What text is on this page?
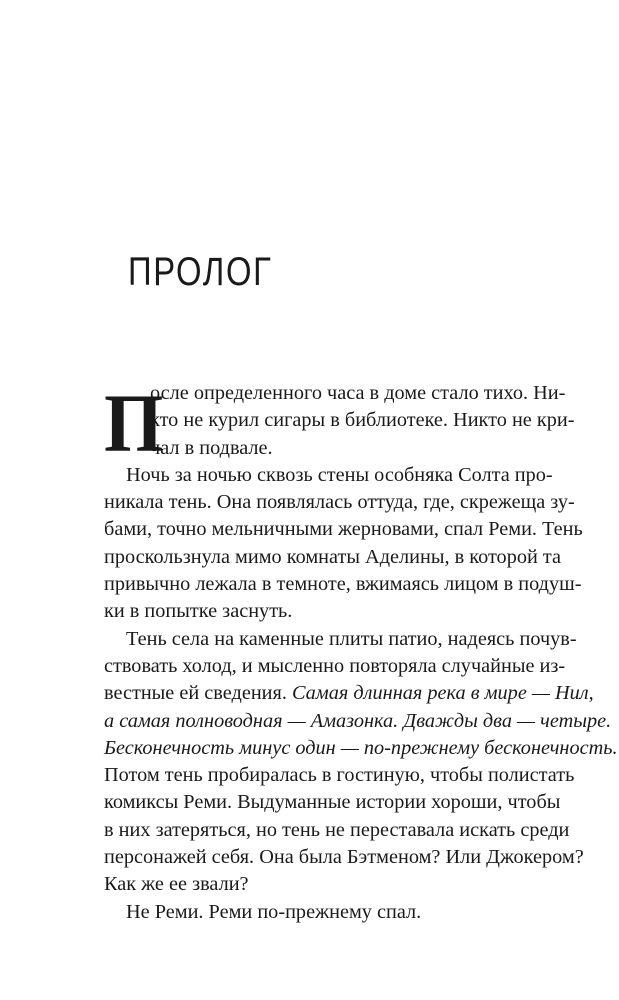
ПРОЛОГ
П
осле определенного часа в доме стало тихо. Ни-
кто не курил сигары в библиотеке. Никто не кри-
чал в подвале.
Ночь за ночью сквозь стены особняка Солта про-
никала тень. Она появлялась оттуда, где, скрежеща зу-
бами, точно мельничными жерновами, спал Реми. Тень
проскользнула мимо комнаты Аделины, в которой та
привычно лежала в темноте, вжимаясь лицом в подуш-
ки в попытке заснуть.
Тень села на каменные плиты патио, надеясь почув-
ствовать холод, и мысленно повторяла случайные из-
вестные ей сведения. Самая длинная река в мире — Нил,
а самая полноводная — Амазонка. Дважды два — четыре.
Бесконечность минус один — по-прежнему бесконечность.
Потом тень пробиралась в гостиную, чтобы полистать
комиксы Реми. Выдуманные истории хороши, чтобы
в них затеряться, но тень не переставала искать среди
персонажей себя. Она была Бэтменом? Или Джокером?
Как же ее звали?
Не Реми. Реми по-прежнему спал.
